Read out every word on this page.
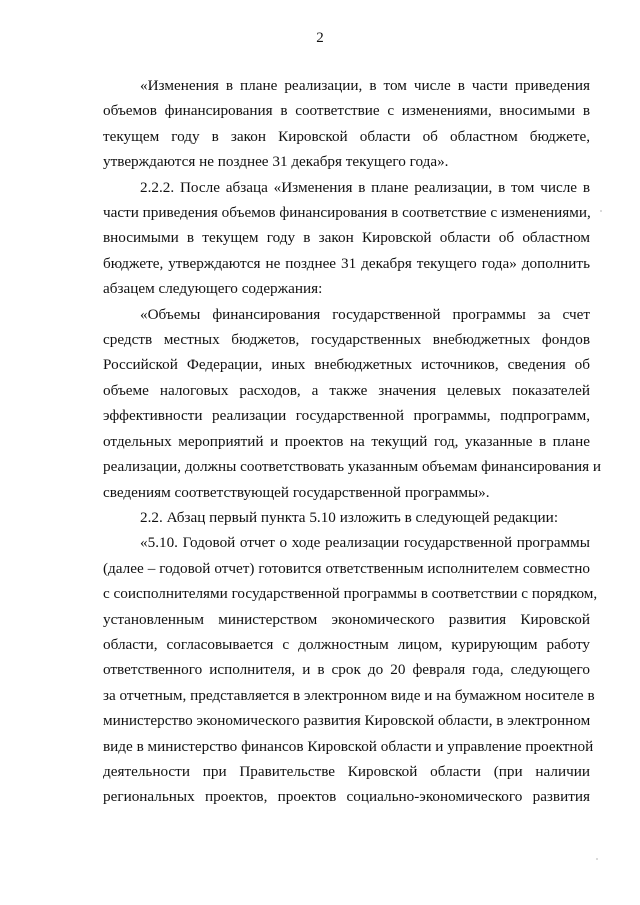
2
«Изменения в плане реализации, в том числе в части приведения
объемов финансирования в соответствие с изменениями, вносимыми в
текущем году в закон Кировской области об областном бюджете,
утверждаются не позднее 31 декабря текущего года».
2.2.2. После абзаца «Изменения в плане реализации, в том числе в
части приведения объемов финансирования в соответствие с изменениями,
вносимыми в текущем году в закон Кировской области об областном
бюджете, утверждаются не позднее 31 декабря текущего года» дополнить
абзацем следующего содержания:
«Объемы финансирования государственной программы за счет
средств местных бюджетов, государственных внебюджетных фондов
Российской Федерации, иных внебюджетных источников, сведения об
объеме налоговых расходов, а также значения целевых показателей
эффективности реализации государственной программы, подпрограмм,
отдельных мероприятий и проектов на текущий год, указанные в плане
реализации, должны соответствовать указанным объемам финансирования и
сведениям соответствующей государственной программы».
2.2. Абзац первый пункта 5.10 изложить в следующей редакции:
«5.10. Годовой отчет о ходе реализации государственной программы
(далее – годовой отчет) готовится ответственным исполнителем совместно
с соисполнителями государственной программы в соответствии с порядком,
установленным министерством экономического развития Кировской
области, согласовывается с должностным лицом, курирующим работу
ответственного исполнителя, и в срок до 20 февраля года, следующего
за отчетным, представляется в электронном виде и на бумажном носителе в
министерство экономического развития Кировской области, в электронном
виде в министерство финансов Кировской области и управление проектной
деятельности при Правительстве Кировской области (при наличии
региональных проектов, проектов социально-экономического развития
